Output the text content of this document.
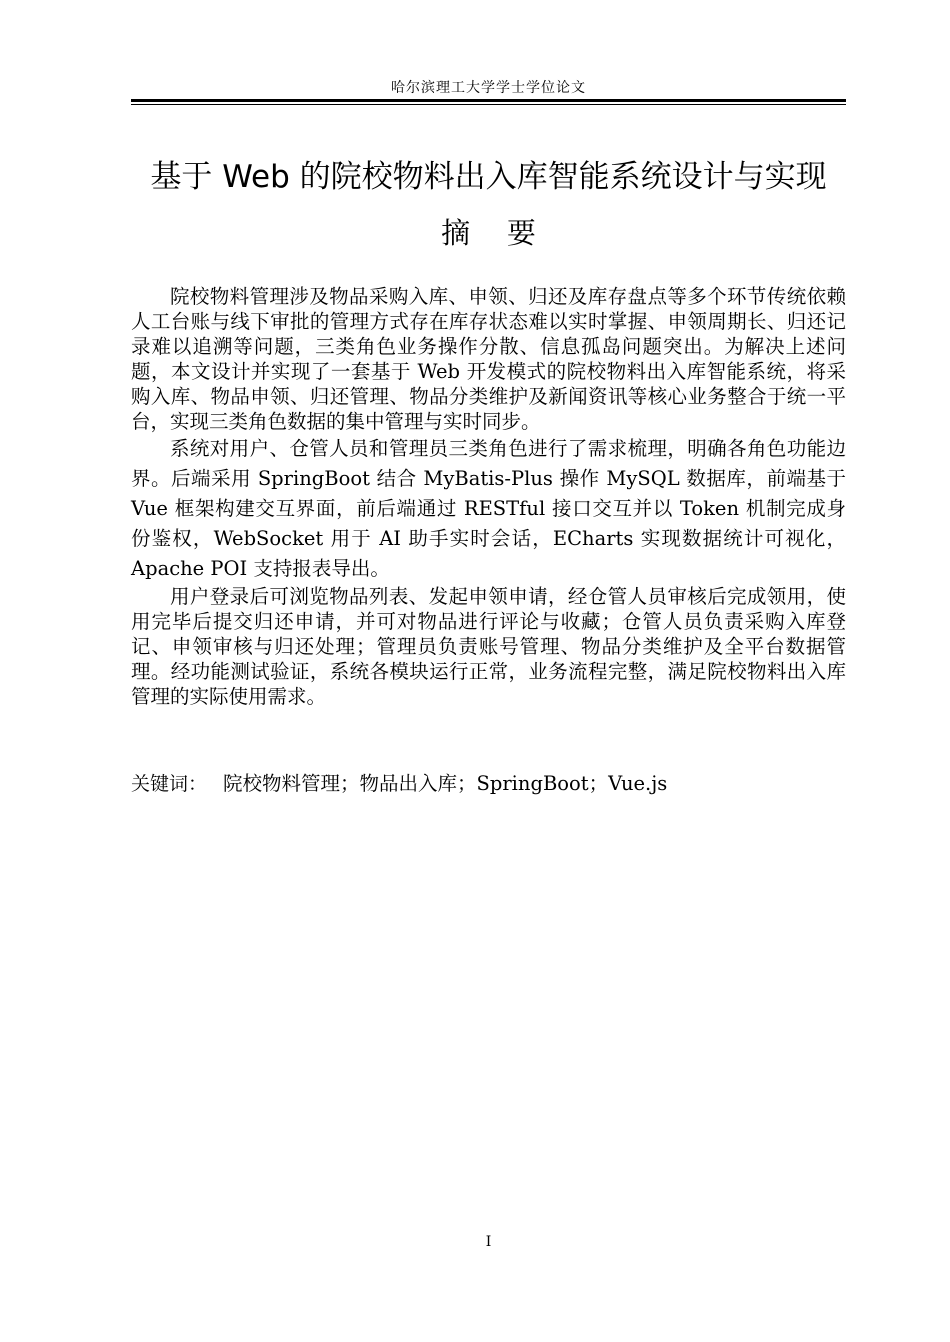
哈尔滨理工大学学士学位论文
基于 Web 的院校物料出入库智能系统设计与实现
摘    要

院校物料管理涉及物品采购入库、申领、归还及库存盘点等多个环节传统依赖人工台账与线下审批的管理方式存在库存状态难以实时掌握、申领周期长、归还记录难以追溯等问题，三类角色业务操作分散、信息孤岛问题突出。为解决上述问题，本文设计并实现了一套基于 Web 开发模式的院校物料出入库智能系统，将采购入库、物品申领、归还管理、物品分类维护及新闻资讯等核心业务整合于统一平台，实现三类角色数据的集中管理与实时同步。

系统对用户、仓管人员和管理员三类角色进行了需求梳理，明确各角色功能边界。后端采用 SpringBoot 结合 MyBatis-Plus 操作 MySQL 数据库，前端基于 Vue 框架构建交互界面，前后端通过 RESTful 接口交互并以 Token 机制完成身份鉴权，WebSocket 用于 AI 助手实时会话，ECharts 实现数据统计可视化，Apache POI 支持报表导出。

用户登录后可浏览物品列表、发起申领申请，经仓管人员审核后完成领用，使用完毕后提交归还申请，并可对物品进行评论与收藏；仓管人员负责采购入库登记、申领审核与归还处理；管理员负责账号管理、物品分类维护及全平台数据管理。经功能测试验证，系统各模块运行正常，业务流程完整，满足院校物料出入库管理的实际使用需求。

关键词： 院校物料管理；物品出入库；SpringBoot；Vue.js
I
